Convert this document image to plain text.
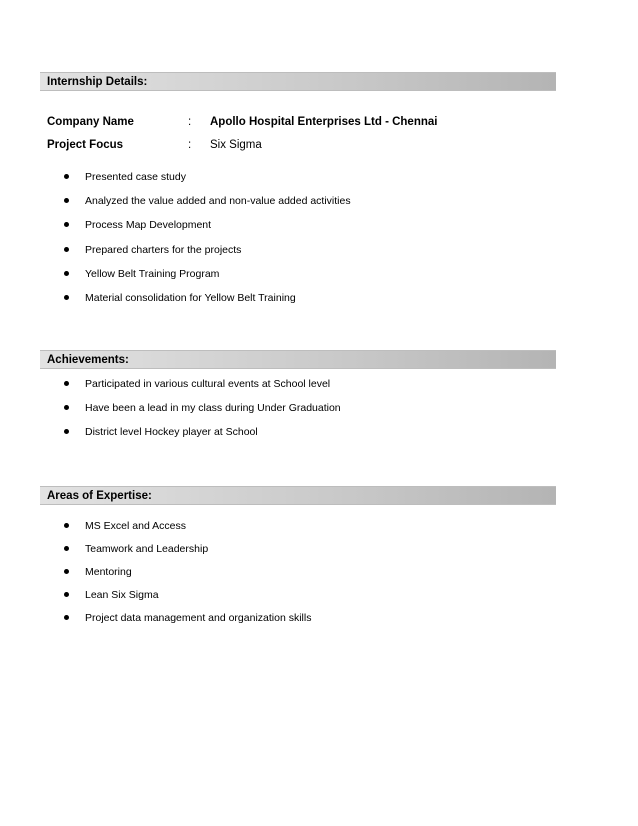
Internship Details:
Company Name	: Apollo Hospital Enterprises Ltd - Chennai
Project Focus	: Six Sigma
Presented case study
Analyzed the value added and non-value added activities
Process Map Development
Prepared charters for the projects
Yellow Belt Training Program
Material consolidation for Yellow Belt Training
Achievements:
Participated in various cultural events at School level
Have been a lead in my class during Under Graduation
District level Hockey player at School
Areas of Expertise:
MS Excel and Access
Teamwork and Leadership
Mentoring
Lean Six Sigma
Project data management and organization skills
